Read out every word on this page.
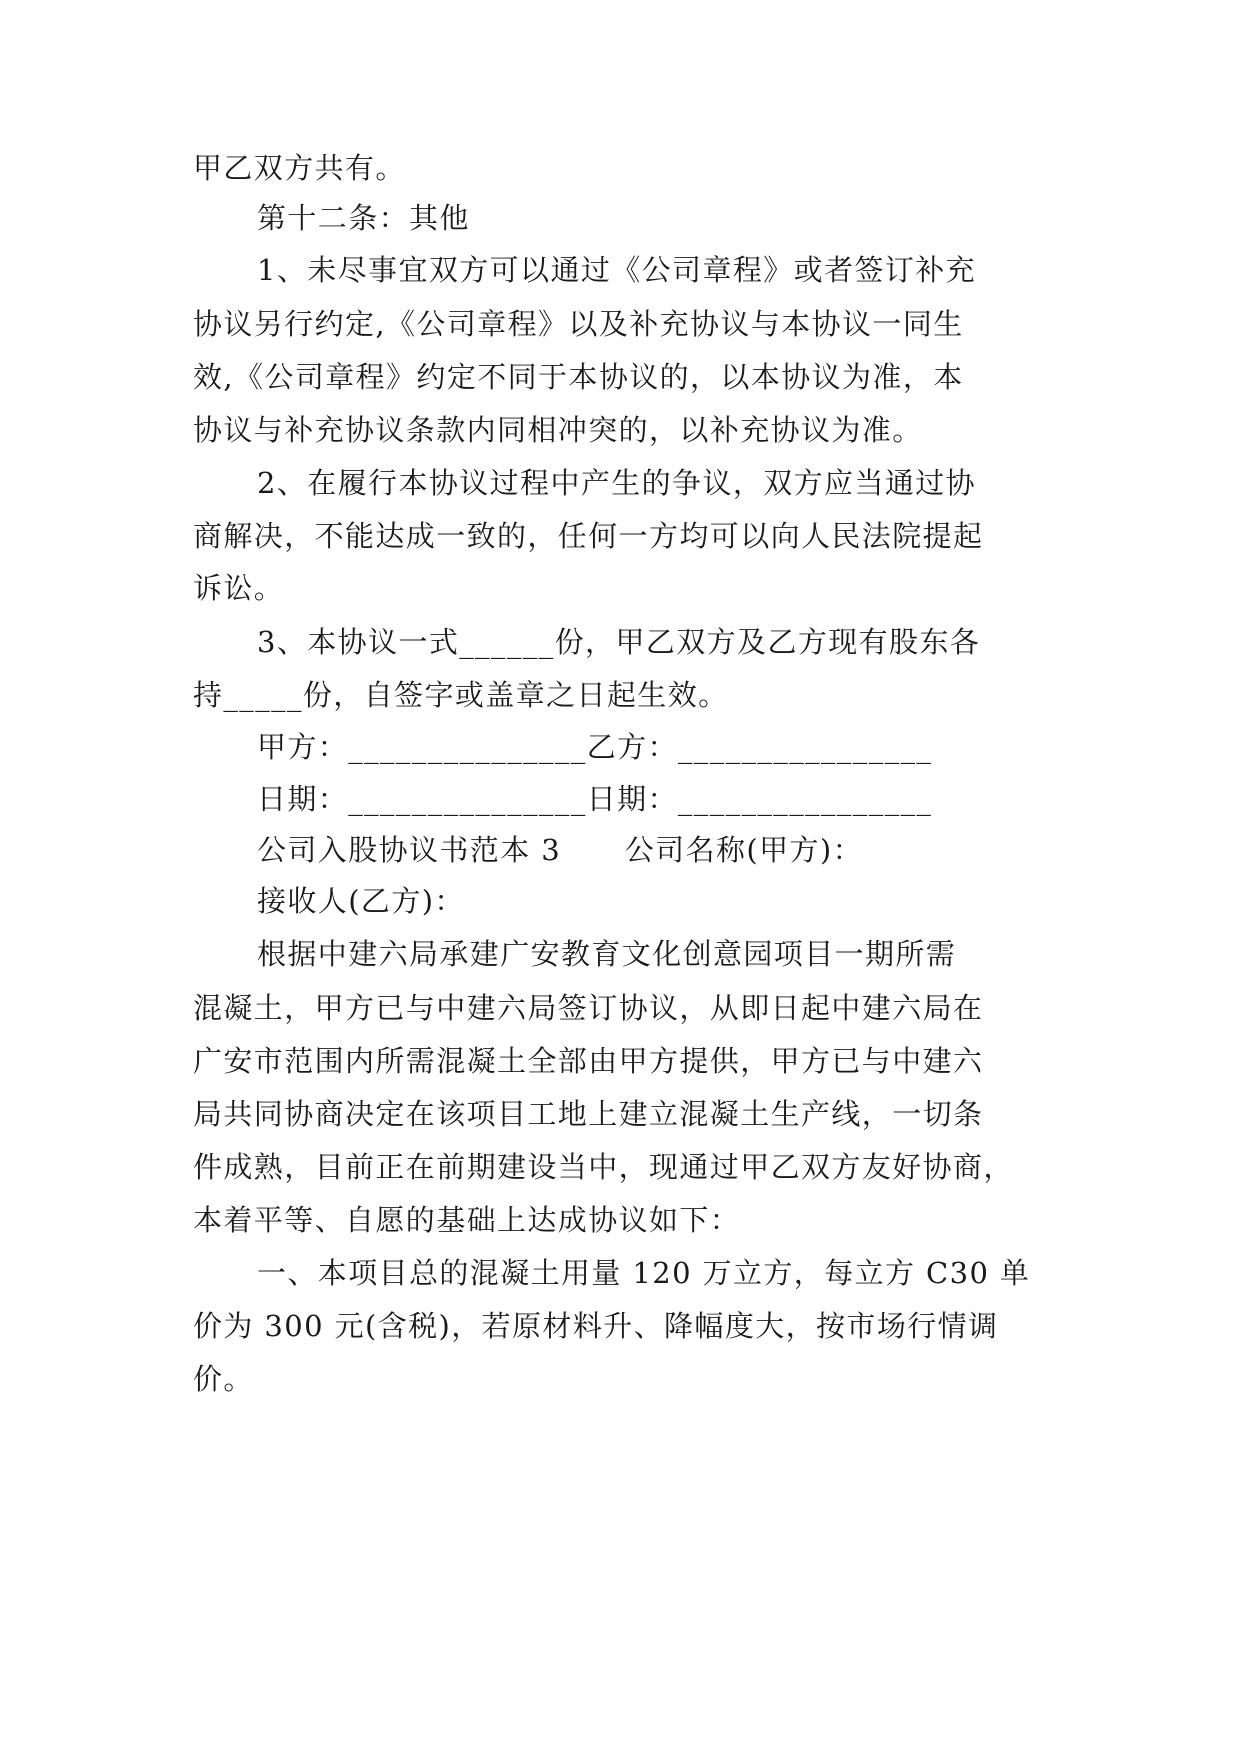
甲乙双方共有。
第十二条：其他
1、未尽事宜双方可以通过《公司章程》或者签订补充
协议另行约定,《公司章程》以及补充协议与本协议一同生
效,《公司章程》约定不同于本协议的，以本协议为准，本
协议与补充协议条款内同相冲突的，以补充协议为准。
2、在履行本协议过程中产生的争议，双方应当通过协
商解决，不能达成一致的，任何一方均可以向人民法院提起
诉讼。
3、本协议一式______份，甲乙双方及乙方现有股东各
持_____份，自签字或盖章之日起生效。
甲方：_______________乙方：________________
日期：_______________日期：________________
公司入股协议书范本 3      公司名称(甲方)：
接收人(乙方)：
根据中建六局承建广安教育文化创意园项目一期所需
混凝土，甲方已与中建六局签订协议，从即日起中建六局在
广安市范围内所需混凝土全部由甲方提供，甲方已与中建六
局共同协商决定在该项目工地上建立混凝土生产线，一切条
件成熟，目前正在前期建设当中，现通过甲乙双方友好协商，
本着平等、自愿的基础上达成协议如下：
一、本项目总的混凝土用量 120 万立方，每立方 C30 单
价为 300 元(含税)，若原材料升、降幅度大，按市场行情调
价。
